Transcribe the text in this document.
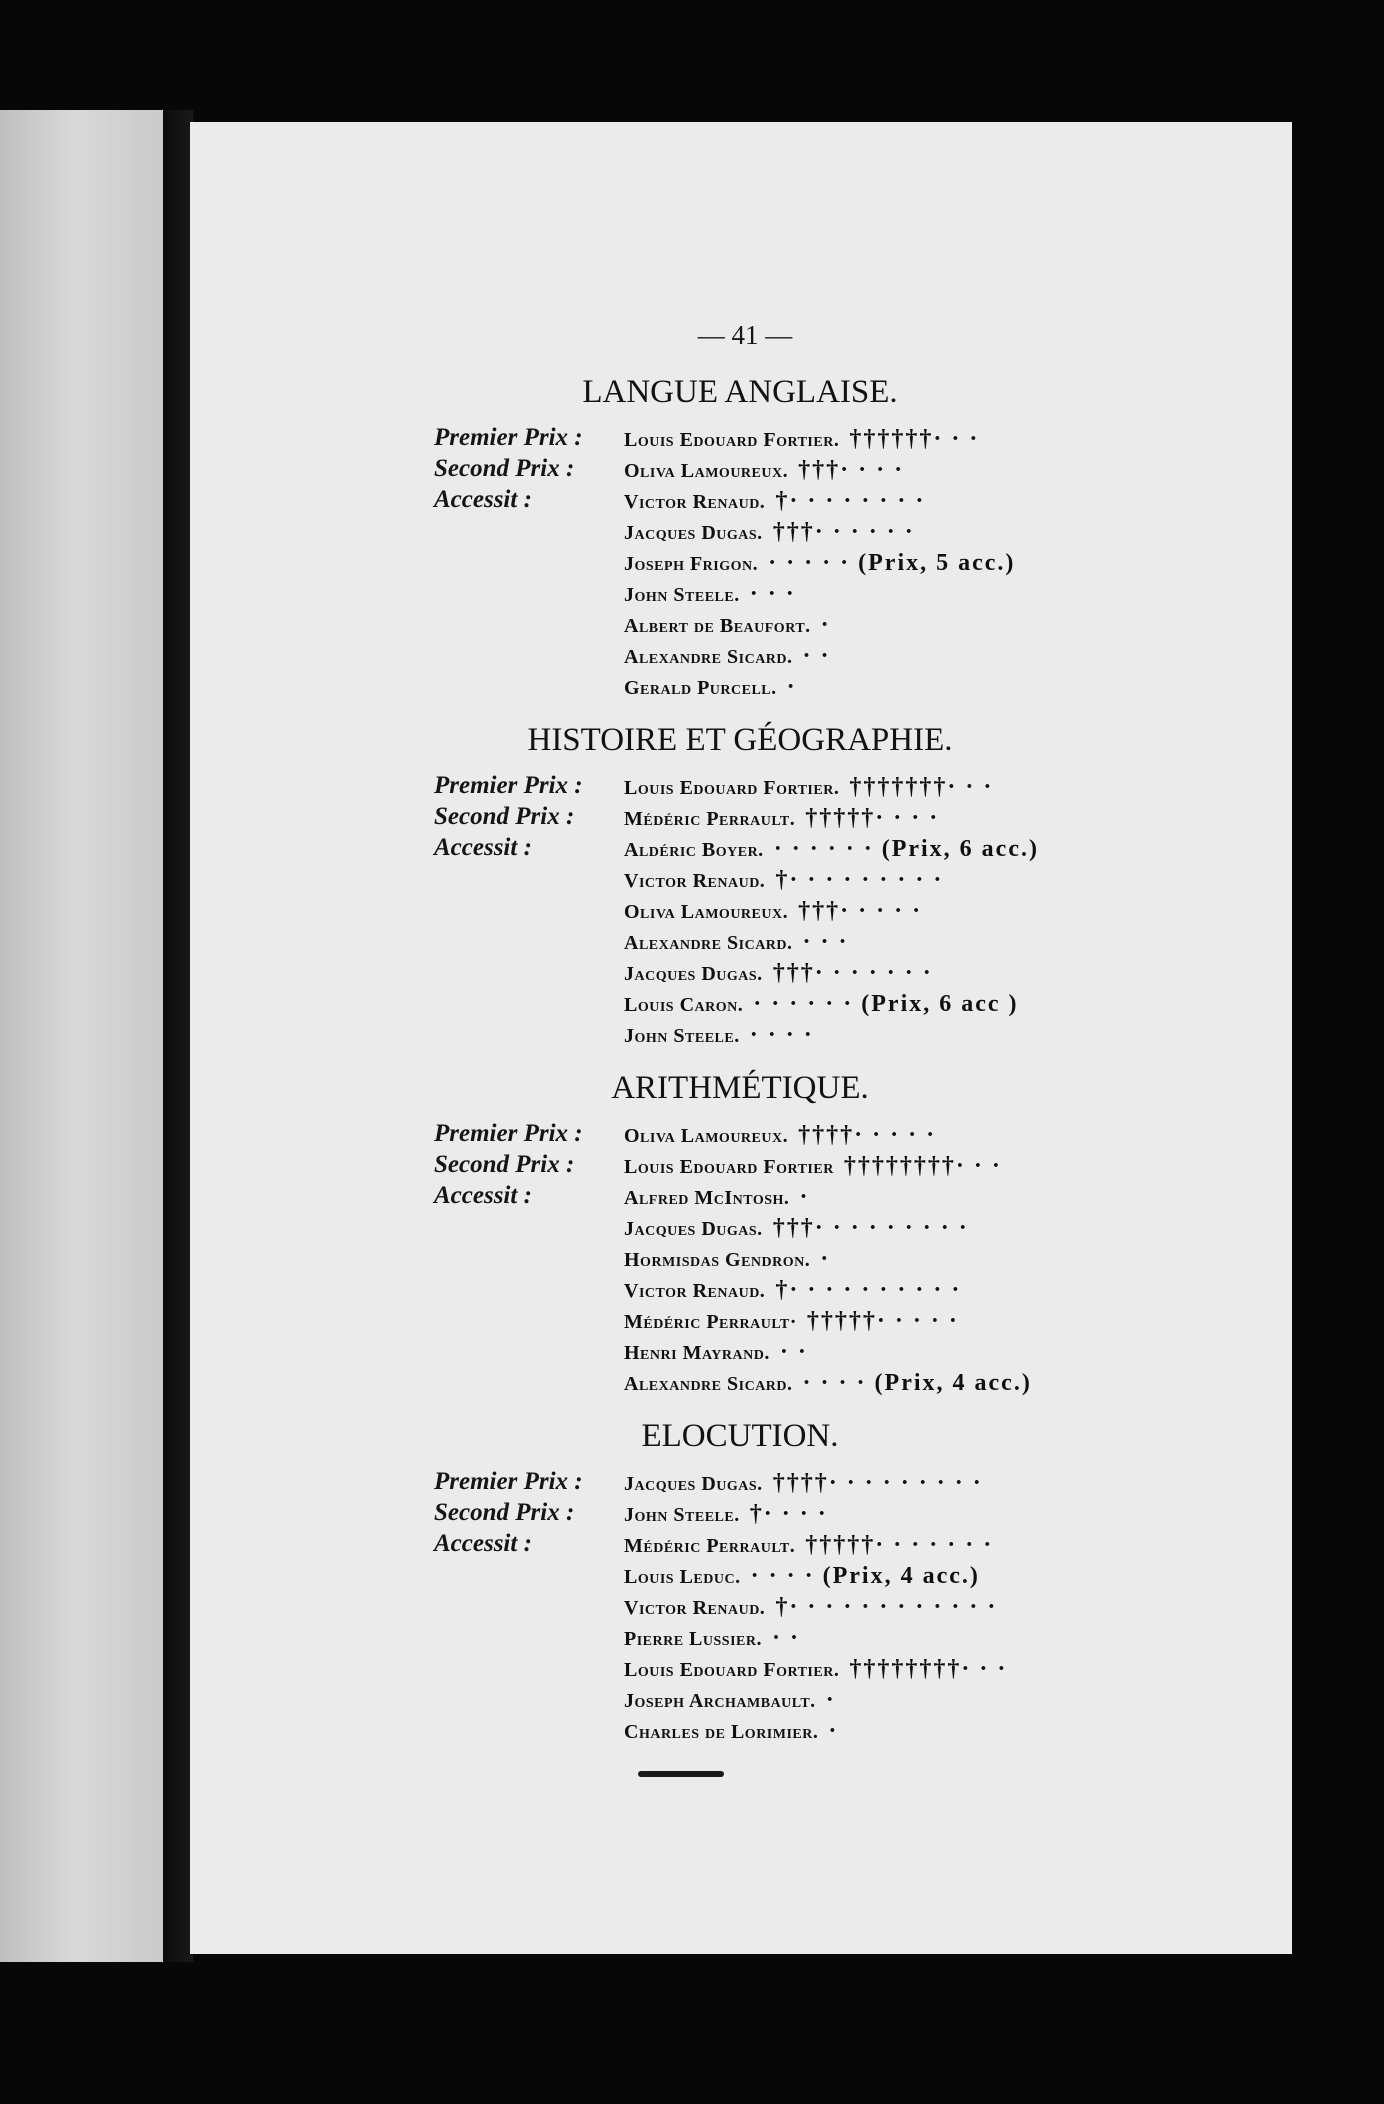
— 41 —
LANGUE ANGLAISE.
Premier Prix :	Louis Edouard Fortier. ††††††· · ·
Second Prix :	Oliva Lamoureux. †††· · · ·
Accessit :	Victor Renaud. †· · · · · · · ·
Jacques Dugas. †††· · · · · ·
Joseph Frigon. · · · · · (Prix, 5 acc.)
John Steele. · · ·
Albert de Beaufort. ·
Alexandre Sicard. · ·
Gerald Purcell. ·
HISTOIRE ET GÉOGRAPHIE.
Premier Prix :	Louis Edouard Fortier. †††††††· · ·
Second Prix :	Médéric Perrault. †††††· · · ·
Accessit :	Aldéric Boyer. · · · · · · (Prix, 6 acc.)
Victor Renaud. †· · · · · · · · ·
Oliva Lamoureux. †††· · · · ·
Alexandre Sicard. · · ·
Jacques Dugas. †††· · · · · · ·
Louis Caron. · · · · · · (Prix, 6 acc )
John Steele. · · · ·
ARITHMÉTIQUE.
Premier Prix :	Oliva Lamoureux. ††††· · · · ·
Second Prix :	Louis Edouard Fortier ††††††††· · ·
Accessit :	Alfred McIntosh. ·
Jacques Dugas. †††· · · · · · · · ·
Hormisdas Gendron. ·
Victor Renaud. †· · · · · · · · · ·
Médéric Perrault· †††††· · · · ·
Henri Mayrand. · ·
Alexandre Sicard. · · · · (Prix, 4 acc.)
ELOCUTION.
Premier Prix :	Jacques Dugas. ††††· · · · · · · · ·
Second Prix :	John Steele. †· · · ·
Accessit :	Médéric Perrault. †††††· · · · · · ·
Louis Leduc. · · · · (Prix, 4 acc.)
Victor Renaud. †· · · · · · · · · · · ·
Pierre Lussier. · ·
Louis Edouard Fortier. ††††††††· · ·
Joseph Archambault. ·
Charles de Lorimier. ·
